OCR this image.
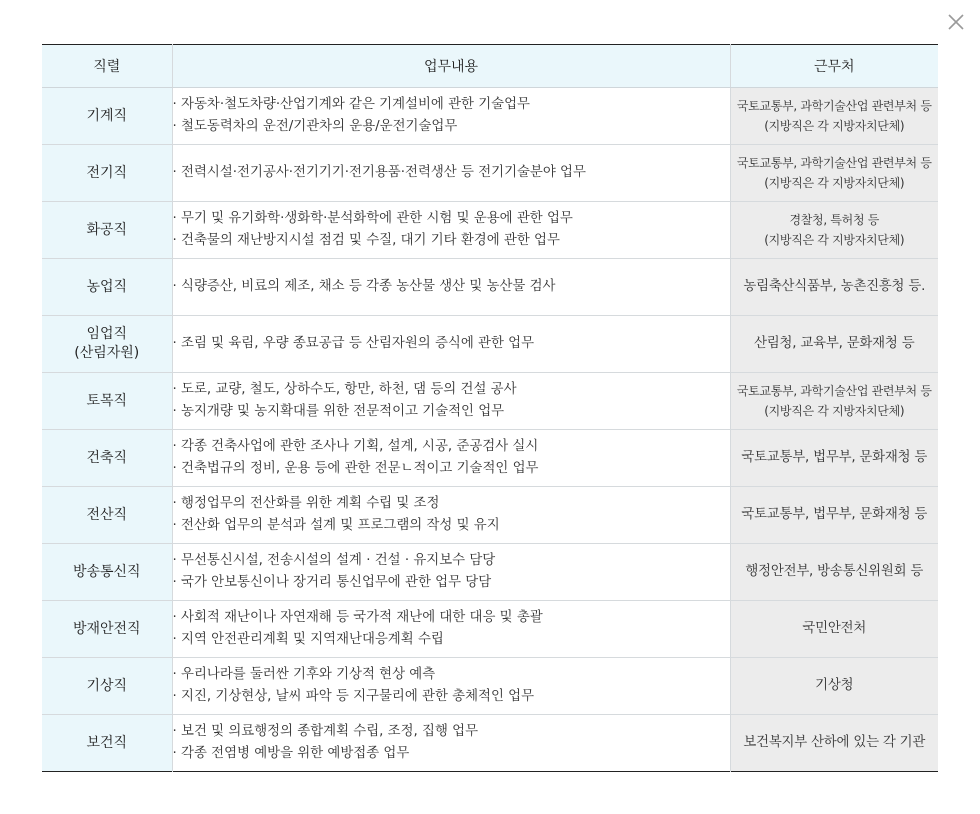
직렬	업무내용	근무처

기계직	· 자동차·철도차량·산업기계와 같은 기계설비에 관한 기술업무
· 철도동력차의 운전/기관차의 운용/운전기술업무	국토교통부, 과학기술산업 관련부처 등
(지방직은 각 지방자치단체)

전기직	· 전력시설·전기공사·전기기기·전기용품·전력생산 등 전기기술분야 업무	국토교통부, 과학기술산업 관련부처 등
(지방직은 각 지방자치단체)

화공직	· 무기 및 유기화학·생화학·분석화학에 관한 시험 및 운용에 관한 업무
· 건축물의 재난방지시설 점검 및 수질, 대기 기타 환경에 관한 업무	경찰청, 특허청 등
(지방직은 각 지방자치단체)

농업직	· 식량증산, 비료의 제조, 채소 등 각종 농산물 생산 및 농산물 검사	농림축산식품부, 농촌진흥청 등.

임업직
(산림자원)	· 조림 및 육림, 우량 종묘공급 등 산림자원의 증식에 관한 업무	산림청, 교육부, 문화재청 등

토목직	· 도로, 교량, 철도, 상하수도, 항만, 하천, 댐 등의 건설 공사
· 농지개량 및 농지확대를 위한 전문적이고 기술적인 업무	국토교통부, 과학기술산업 관련부처 등
(지방직은 각 지방자치단체)

건축직	· 각종 건축사업에 관한 조사나 기획, 설계, 시공, 준공검사 실시
· 건축법규의 정비, 운용 등에 관한 전문ㄴ적이고 기술적인 업무	국토교통부, 법무부, 문화재청 등

전산직	· 행정업무의 전산화를 위한 계획 수립 및 조정
· 전산화 업무의 분석과 설계 및 프로그램의 작성 및 유지	국토교통부, 법무부, 문화재청 등

방송통신직	· 무선통신시설, 전송시설의 설계 · 건설 · 유지보수 담당
· 국가 안보통신이나 장거리 통신업무에 관한 업무 당담	행정안전부, 방송통신위원회 등

방재안전직	· 사회적 재난이나 자연재해 등 국가적 재난에 대한 대응 및 총괄
· 지역 안전관리계획 및 지역재난대응계획 수립	국민안전처

기상직	· 우리나라를 둘러싼 기후와 기상적 현상 예측
· 지진, 기상현상, 날씨 파악 등 지구물리에 관한 총체적인 업무	기상청

보건직	· 보건 및 의료행정의 종합계획 수립, 조정, 집행 업무
· 각종 전염병 예방을 위한 예방접종 업무	보건복지부 산하에 있는 각 기관
